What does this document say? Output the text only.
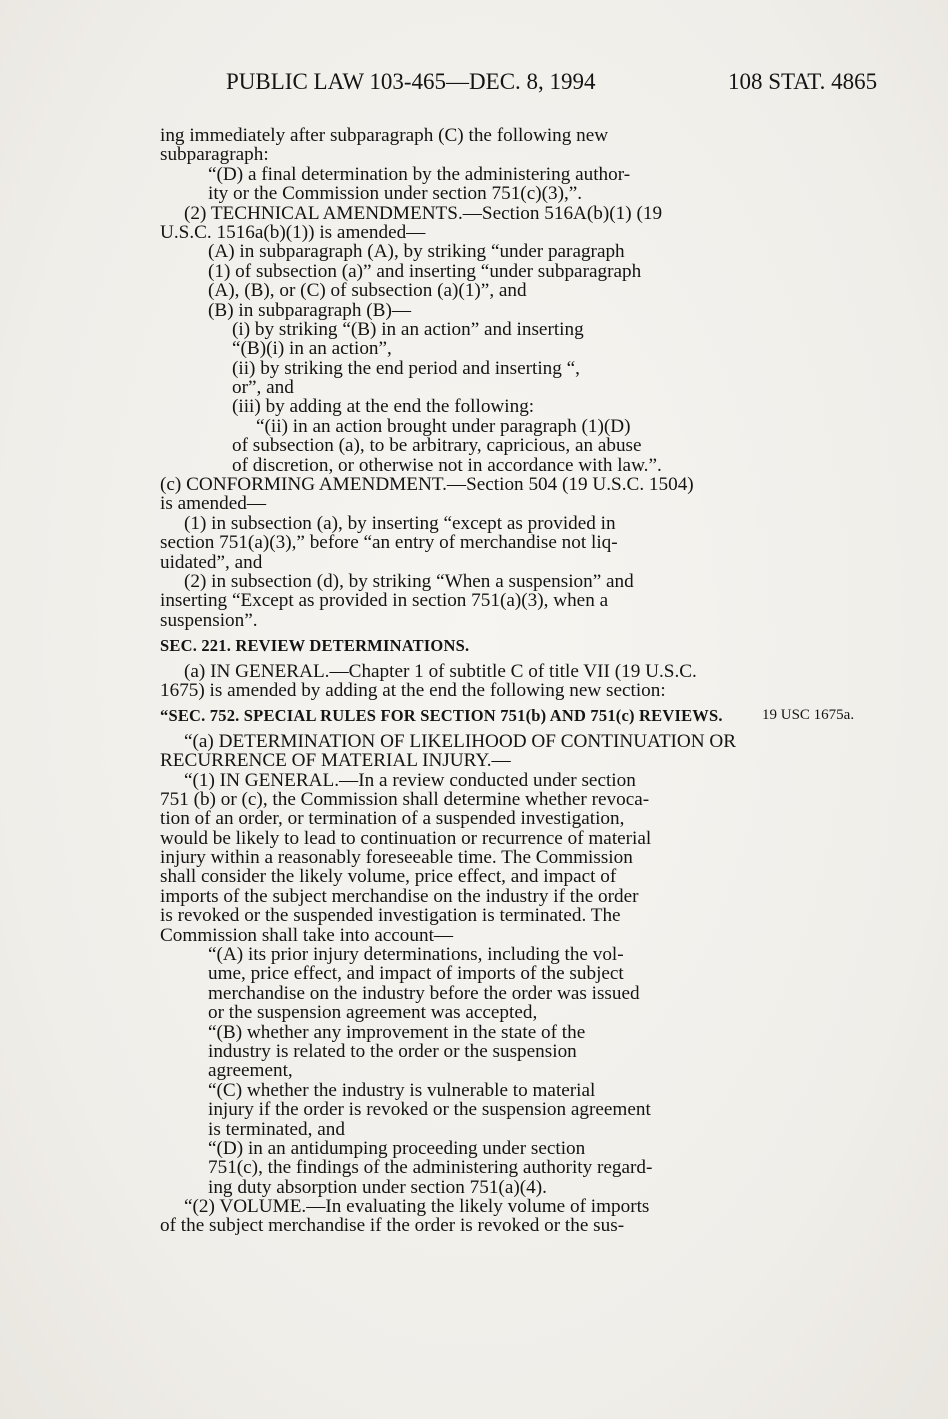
PUBLIC LAW 103-465—DEC. 8, 1994	108 STAT. 4865
19 USC 1675a.
ing immediately after subparagraph (C) the following new
subparagraph:
“(D) a final determination by the administering author-
ity or the Commission under section 751(c)(3),”.
(2) TECHNICAL AMENDMENTS.—Section 516A(b)(1) (19
U.S.C. 1516a(b)(1)) is amended—
(A) in subparagraph (A), by striking “under paragraph
(1) of subsection (a)” and inserting “under subparagraph
(A), (B), or (C) of subsection (a)(1)”, and
(B) in subparagraph (B)—
(i) by striking “(B) in an action” and inserting
“(B)(i) in an action”,
(ii) by striking the end period and inserting “,
or”, and
(iii) by adding at the end the following:
“(ii) in an action brought under paragraph (1)(D)
of subsection (a), to be arbitrary, capricious, an abuse
of discretion, or otherwise not in accordance with law.”.
(c) CONFORMING AMENDMENT.—Section 504 (19 U.S.C. 1504)
is amended—
(1) in subsection (a), by inserting “except as provided in
section 751(a)(3),” before “an entry of merchandise not liq-
uidated”, and
(2) in subsection (d), by striking “When a suspension” and
inserting “Except as provided in section 751(a)(3), when a
suspension”.
SEC. 221. REVIEW DETERMINATIONS.
(a) IN GENERAL.—Chapter 1 of subtitle C of title VII (19 U.S.C.
1675) is amended by adding at the end the following new section:
“SEC. 752. SPECIAL RULES FOR SECTION 751(b) AND 751(c) REVIEWS.
“(a) DETERMINATION OF LIKELIHOOD OF CONTINUATION OR
RECURRENCE OF MATERIAL INJURY.—
“(1) IN GENERAL.—In a review conducted under section
751 (b) or (c), the Commission shall determine whether revoca-
tion of an order, or termination of a suspended investigation,
would be likely to lead to continuation or recurrence of material
injury within a reasonably foreseeable time. The Commission
shall consider the likely volume, price effect, and impact of
imports of the subject merchandise on the industry if the order
is revoked or the suspended investigation is terminated. The
Commission shall take into account—
“(A) its prior injury determinations, including the vol-
ume, price effect, and impact of imports of the subject
merchandise on the industry before the order was issued
or the suspension agreement was accepted,
“(B) whether any improvement in the state of the
industry is related to the order or the suspension
agreement,
“(C) whether the industry is vulnerable to material
injury if the order is revoked or the suspension agreement
is terminated, and
“(D) in an antidumping proceeding under section
751(c), the findings of the administering authority regard-
ing duty absorption under section 751(a)(4).
“(2) VOLUME.—In evaluating the likely volume of imports
of the subject merchandise if the order is revoked or the sus-
